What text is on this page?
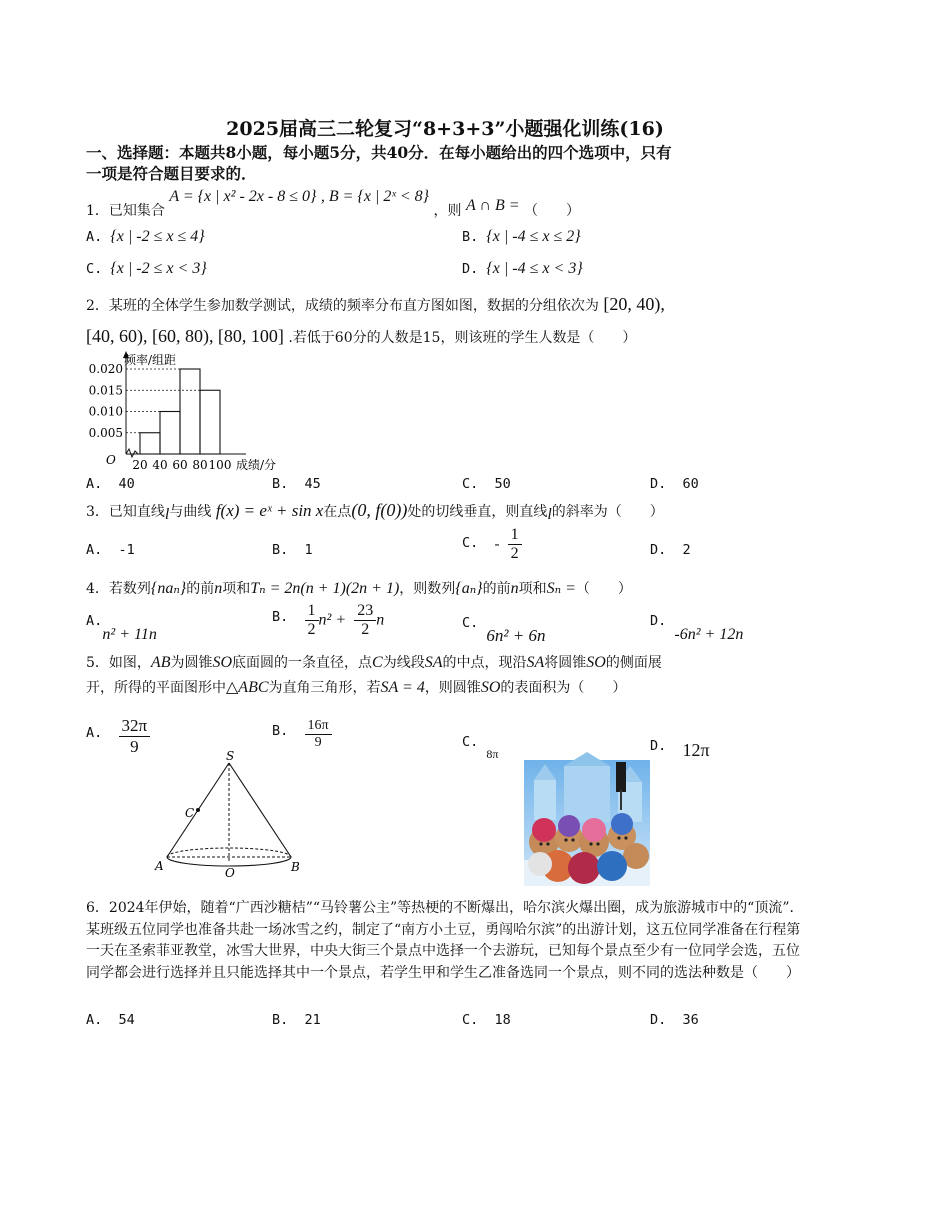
2025届高三二轮复习“8+3+3”小题强化训练(16)
一、选择题：本题共8小题，每小题5分，共40分．在每小题给出的四个选项中，只有
一项是符合题目要求的．
1．已知集合 A = {x | x² - 2x - 8 ≤ 0} , B = {x | 2ˣ < 8} ，则 A ∩ B = （　　）
A. {x | -2 ≤ x ≤ 4}	B. {x | -4 ≤ x ≤ 2}
C. {x | -2 ≤ x < 3}	D. {x | -4 ≤ x < 3}
2．某班的全体学生参加数学测试，成绩的频率分布直方图如图，数据的分组依次为 [20, 40),
[40, 60), [60, 80), [80, 100] .若低于60分的人数是15，则该班的学生人数是（　　）
0.005
0.010
0.015
0.020
20 40 60 80 100
频率/组距
成绩/分
O
A. 40	B. 45	C. 50	D. 60
3．已知直线l与曲线 f(x) = eˣ + sin x在点(0, f(0))处的切线垂直，则直线l的斜率为（　　）
A. -1	B. 1	C. - $\frac{1}{2}$	D. 2
4．若数列{naₙ}的前n项和Tₙ = 2n(n + 1)(2n + 1)，则数列{aₙ}的前n项和Sₙ =（　　）
A. n² + 11n
B. $\frac{1}{2} n^2 + \frac{23}{2}$ n	C. 6n² + 6n
D. -6n² + 12n
5．如图，AB为圆锥SO底面圆的一条直径，点C为线段SA的中点，现沿SA将圆锥SO的侧面展
开，所得的平面图形中△ABC为直角三角形，若SA = 4，则圆锥SO的表面积为（　　）
A. $\frac{32\pi}{9}$	B. $\frac{16\pi}{9}$	C. 8π	D. 12π
S
C
A	O	B
6．2024年伊始，随着“广西沙糖桔”“马铃薯公主”等热梗的不断爆出，哈尔滨火爆出圈，成为旅游城市中的“顶流”．某班级五位同学也准备共赴一场冰雪之约，制定了“南方小土豆，勇闯哈尔滨”的出游计划，这五位同学准备在行程第一天在圣索菲亚教堂，冰雪大世界，中央大街三个景点中选择一个去游玩，已知每个景点至少有一位同学会选，五位同学都会进行选择并且只能选择其中一个景点，若学生甲和学生乙准备选同一个景点，则不同的选法种数是（　　）
A. 54	B. 21	C. 18	D. 36
